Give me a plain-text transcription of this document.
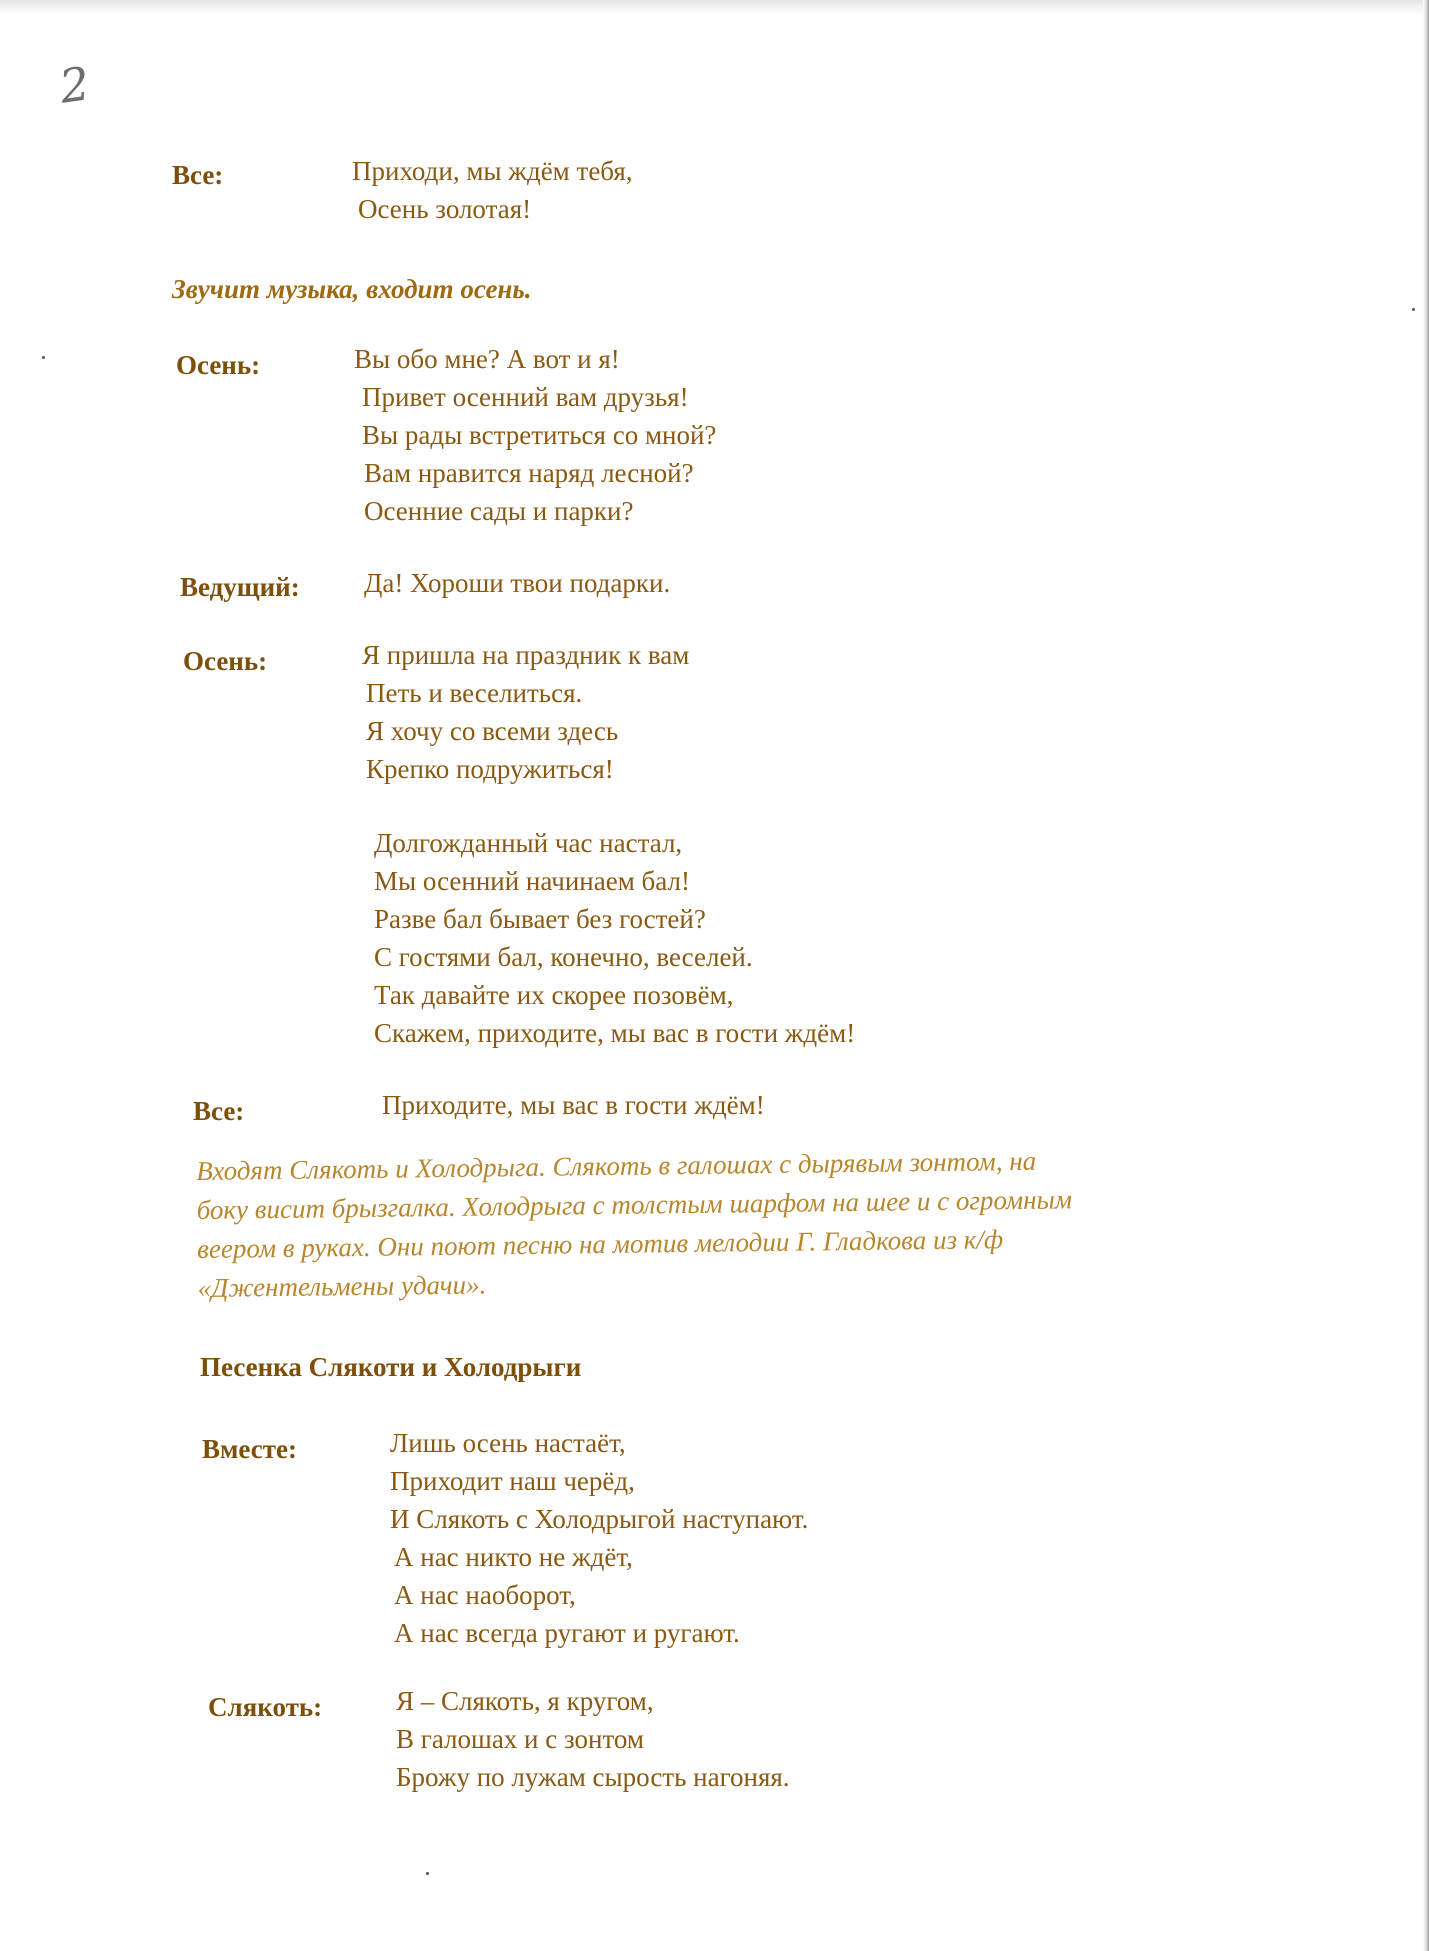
2
Все:	Приходи, мы ждём тебя,
Осень золотая!
Звучит музыка, входит осень.
Осень:	Вы обо мне? А вот и я!
Привет осенний вам друзья!
Вы рады встретиться со мной?
Вам нравится наряд лесной?
Осенние сады и парки?
Ведущий: Да! Хороши твои подарки.
Осень:	Я пришла на праздник к вам
Петь и веселиться.
Я хочу со всеми здесь
Крепко подружиться!
Долгожданный час настал,
Мы осенний начинаем бал!
Разве бал бывает без гостей?
С гостями бал, конечно, веселей.
Так давайте их скорее позовём,
Скажем, приходите, мы вас в гости ждём!
Все:	Приходите, мы вас в гости ждём!
Входят Слякоть и Холодрыга. Слякоть в галошах с дырявым зонтом, на
боку висит брызгалка. Холодрыга с толстым шарфом на шее и с огромным
веером в руках. Они поют песню на мотив мелодии Г. Гладкова из к/ф
«Джентельмены удачи».
Песенка Слякоти и Холодрыги
Вместе:	Лишь осень настаёт,
Приходит наш черёд,
И Слякоть с Холодрыгой наступают.
А нас никто не ждёт,
А нас наоборот,
А нас всегда ругают и ругают.
Слякоть:	Я – Слякоть, я кругом,
В галошах и с зонтом
Брожу по лужам сырость нагоняя.
